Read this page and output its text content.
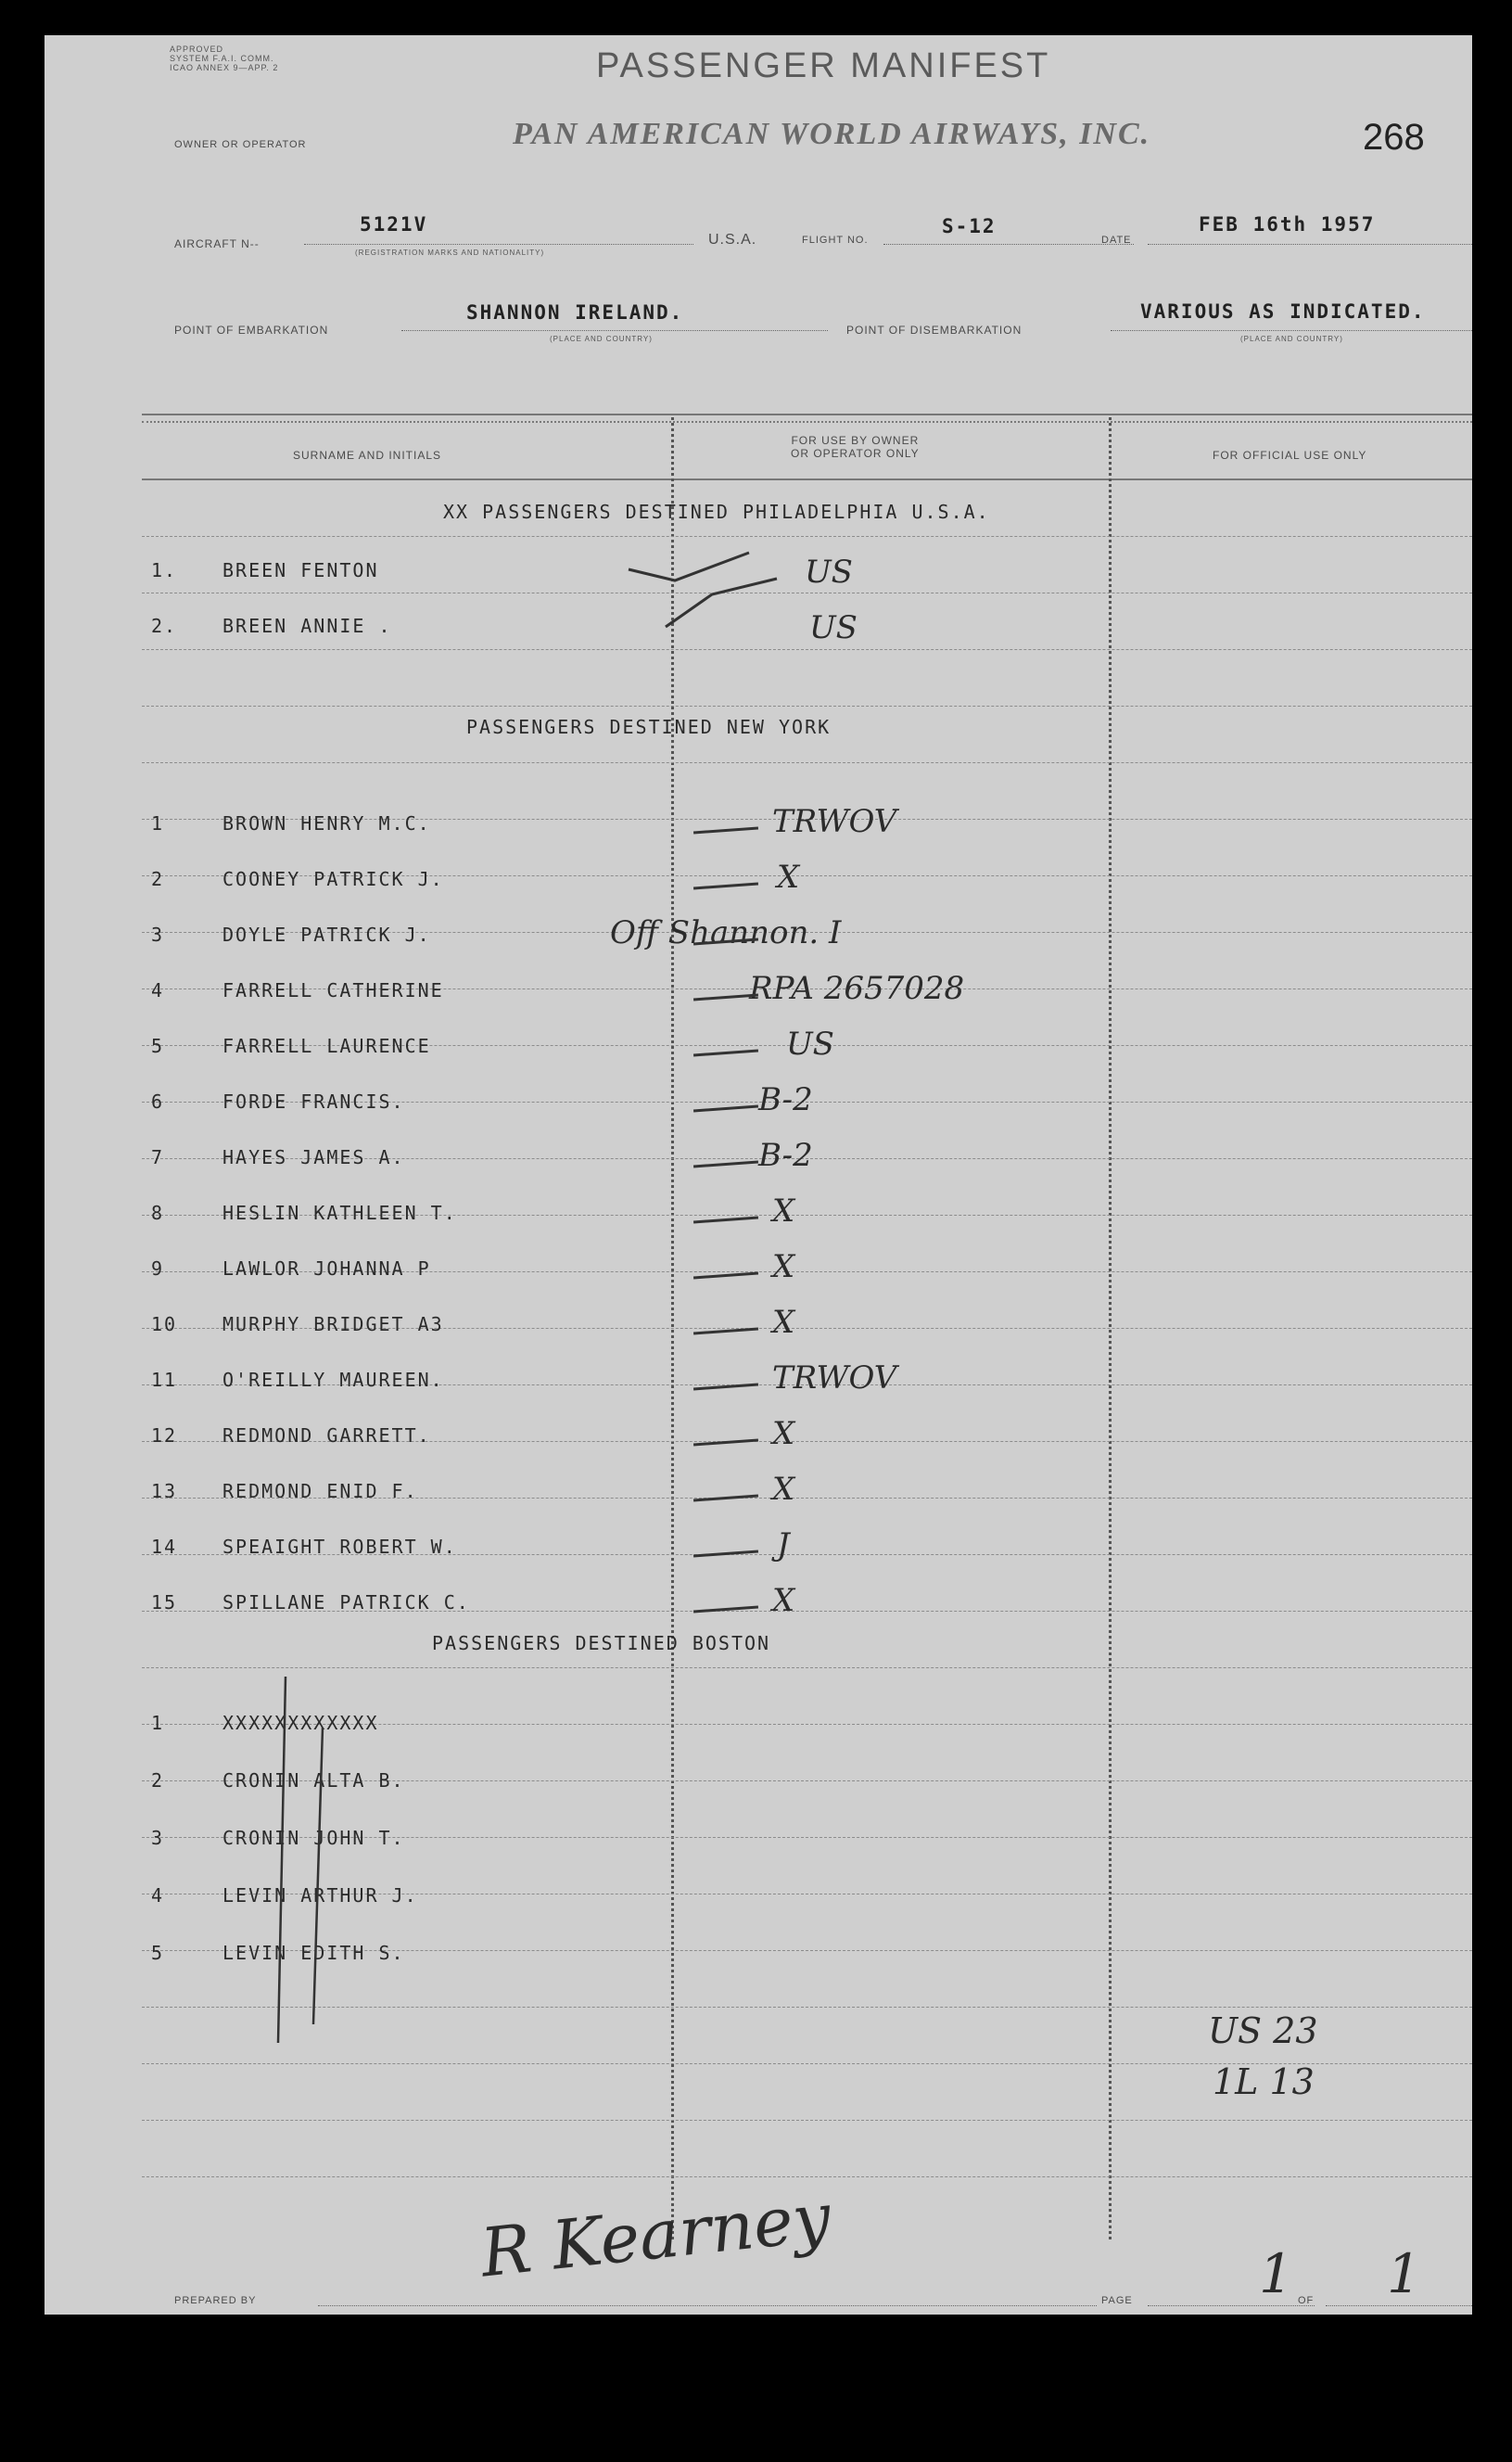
APPROVED
SYSTEM F.A.I. COMM.
ICAO ANNEX 9—APP. 2	PASSENGER MANIFEST
268
OWNER OR OPERATOR	PAN AMERICAN WORLD AIRWAYS, INC.
AIRCRAFT N--
5121V
(REGISTRATION MARKS AND NATIONALITY)
U.S.A.	FLIGHT NO.
S-12
DATE
FEB 16th 1957
POINT OF EMBARKATION
SHANNON IRELAND.
(PLACE AND COUNTRY)
POINT OF DISEMBARKATION
VARIOUS AS INDICATED.
(PLACE AND COUNTRY)
SURNAME AND INITIALS
FOR USE BY OWNER
OR OPERATOR ONLY	FOR OFFICIAL USE ONLY
XX PASSENGERS DESTINED PHILADELPHIA U.S.A.
1. BREEN FENTON	US
2. BREEN ANNIE .	US
PASSENGERS DESTINED NEW YORK
1	BROWN HENRY M.C.	TRWOV
2	COONEY PATRICK J.	X
3	DOYLE PATRICK J.	Off Shannon. I
4	FARRELL CATHERINE	RPA 2657028
5	FARRELL LAURENCE	US
6	FORDE FRANCIS.	B-2
7	HAYES JAMES A.	B-2
8	HESLIN KATHLEEN T.	X
9	LAWLOR JOHANNA P	X
10 MURPHY BRIDGET A3	X
11 O'REILLY MAUREEN.	TRWOV
12 REDMOND GARRETT.	X
13 REDMOND ENID F.	X
14 SPEAIGHT ROBERT W.	J
15 SPILLANE PATRICK C.	X
PASSENGERS DESTINED BOSTON
1	XXXXXXXXXXXX
2	CRONIN ALTA B.
3	CRONIN JOHN T.
4	LEVIN ARTHUR J.
5	LEVIN EDITH S.
US 23
1L 13
PREPARED BY
R Kearney
PAGE 1 OF 1
